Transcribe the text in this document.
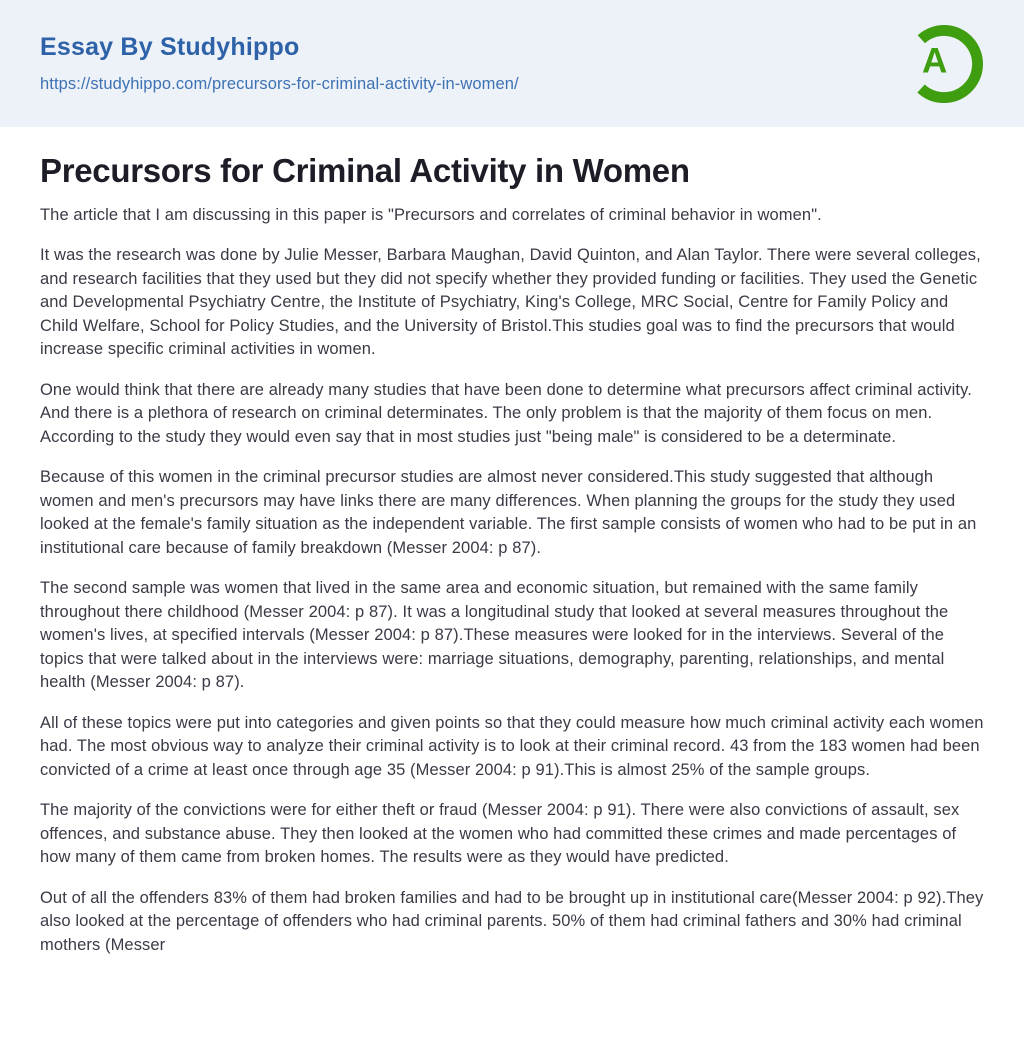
Essay By Studyhippo
https://studyhippo.com/precursors-for-criminal-activity-in-women/
A
Precursors for Criminal Activity in Women

The article that I am discussing in this paper is "Precursors and correlates of criminal behavior in women".

It was the research was done by Julie Messer, Barbara Maughan, David Quinton, and Alan Taylor. There were several colleges, and research facilities that they used but they did not specify whether they provided funding or facilities. They used the Genetic and Developmental Psychiatry Centre, the Institute of Psychiatry, King's College, MRC Social, Centre for Family Policy and Child Welfare, School for Policy Studies, and the University of Bristol.This studies goal was to find the precursors that would increase specific criminal activities in women.

One would think that there are already many studies that have been done to determine what precursors affect criminal activity. And there is a plethora of research on criminal determinates. The only problem is that the majority of them focus on men. According to the study they would even say that in most studies just "being male" is considered to be a determinate.

Because of this women in the criminal precursor studies are almost never considered.This study suggested that although women and men's precursors may have links there are many differences. When planning the groups for the study they used looked at the female's family situation as the independent variable. The first sample consists of women who had to be put in an institutional care because of family breakdown (Messer 2004: p 87).

The second sample was women that lived in the same area and economic situation, but remained with the same family throughout there childhood (Messer 2004: p 87). It was a longitudinal study that looked at several measures throughout the women's lives, at specified intervals (Messer 2004: p 87).These measures were looked for in the interviews. Several of the topics that were talked about in the interviews were: marriage situations, demography, parenting, relationships, and mental health (Messer 2004: p 87).

All of these topics were put into categories and given points so that they could measure how much criminal activity each women had. The most obvious way to analyze their criminal activity is to look at their criminal record. 43 from the 183 women had been convicted of a crime at least once through age 35 (Messer 2004: p 91).This is almost 25% of the sample groups.

The majority of the convictions were for either theft or fraud (Messer 2004: p 91). There were also convictions of assault, sex offences, and substance abuse. They then looked at the women who had committed these crimes and made percentages of how many of them came from broken homes. The results were as they would have predicted.

Out of all the offenders 83% of them had broken families and had to be brought up in institutional care(Messer 2004: p 92).They also looked at the percentage of offenders who had criminal parents. 50% of them had criminal fathers and 30% had criminal mothers (Messer
